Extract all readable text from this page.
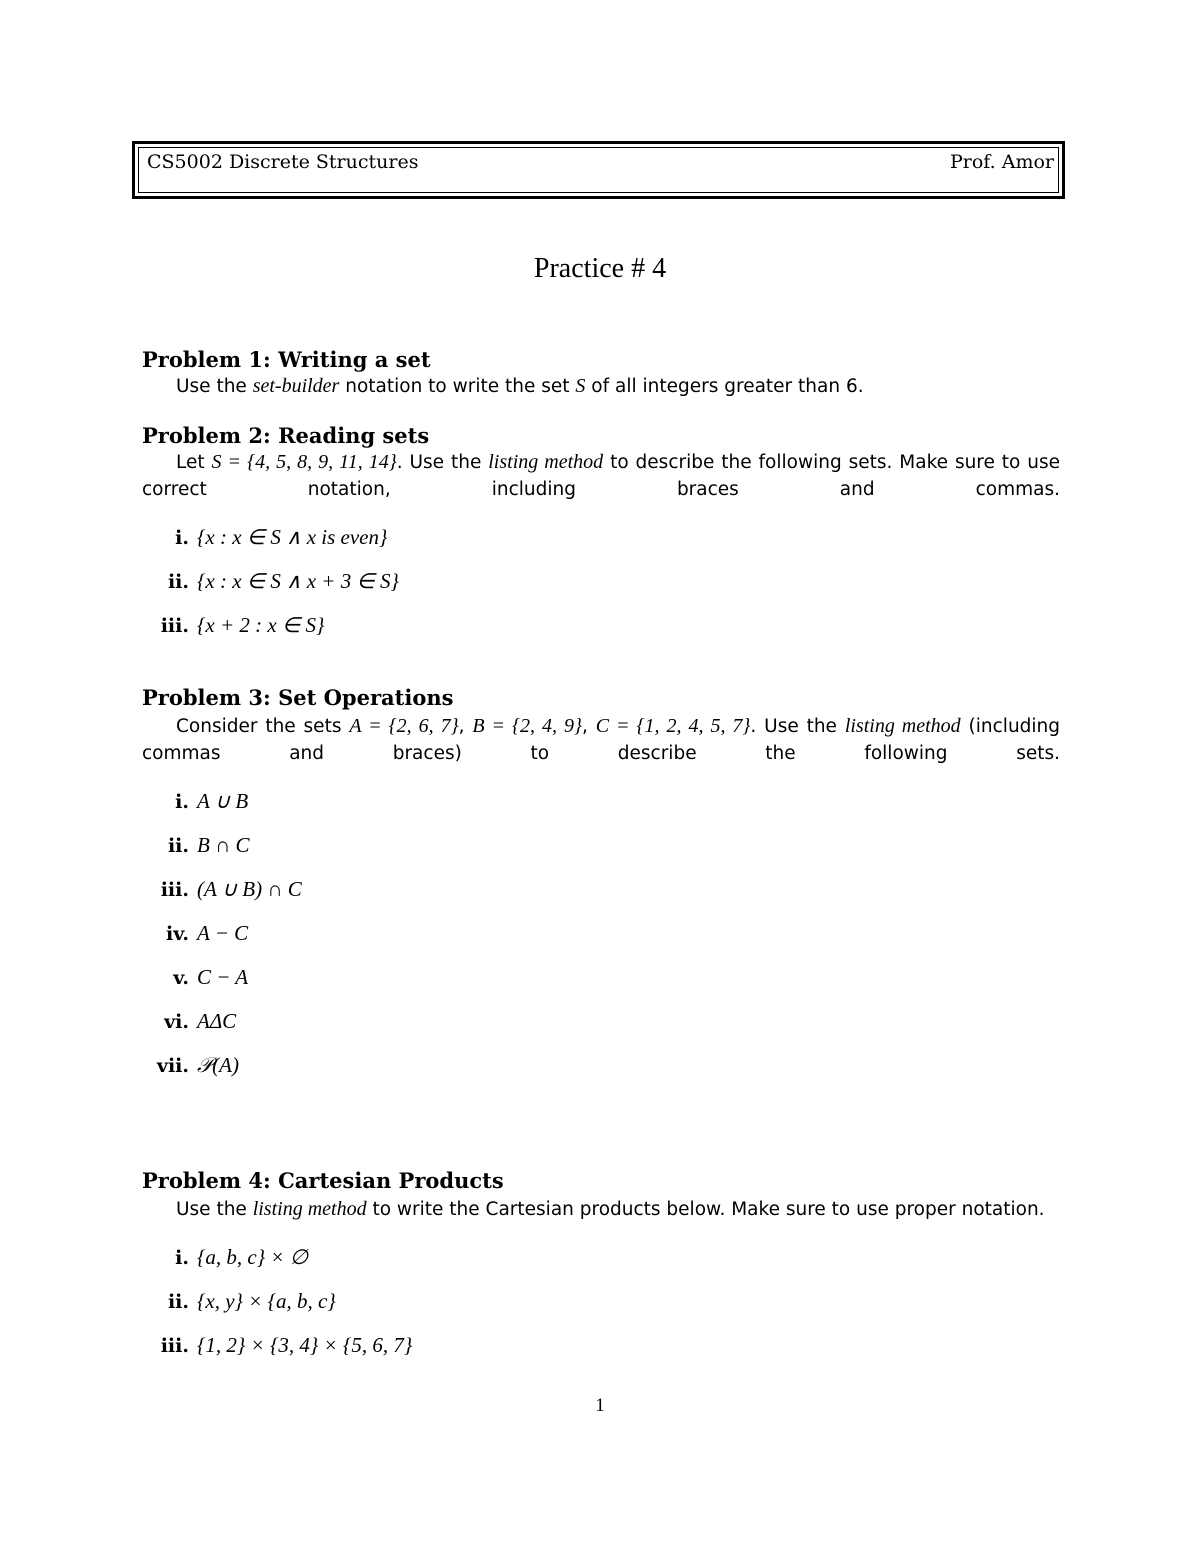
CS5002 Discrete Structures	Prof. Amor
Practice # 4
Problem 1: Writing a set
Use the set-builder notation to write the set S of all integers greater than 6.
Problem 2: Reading sets
Let S = {4, 5, 8, 9, 11, 14}. Use the listing method to describe the following sets. Make sure to use correct notation, including braces and commas.
i. {x : x ∈ S ∧ x is even}
ii. {x : x ∈ S ∧ x + 3 ∈ S}
iii. {x + 2 : x ∈ S}
Problem 3: Set Operations
Consider the sets A = {2, 6, 7}, B = {2, 4, 9}, C = {1, 2, 4, 5, 7}. Use the listing method (including commas and braces) to describe the following sets.
i. A ∪ B
ii. B ∩ C
iii. (A ∪ B) ∩ C
iv. A − C
v. C − A
vi. AΔC
vii. 𝒫(A)
Problem 4: Cartesian Products
Use the listing method to write the Cartesian products below. Make sure to use proper notation.
i. {a, b, c} × ∅
ii. {x, y} × {a, b, c}
iii. {1, 2} × {3, 4} × {5, 6, 7}
1
